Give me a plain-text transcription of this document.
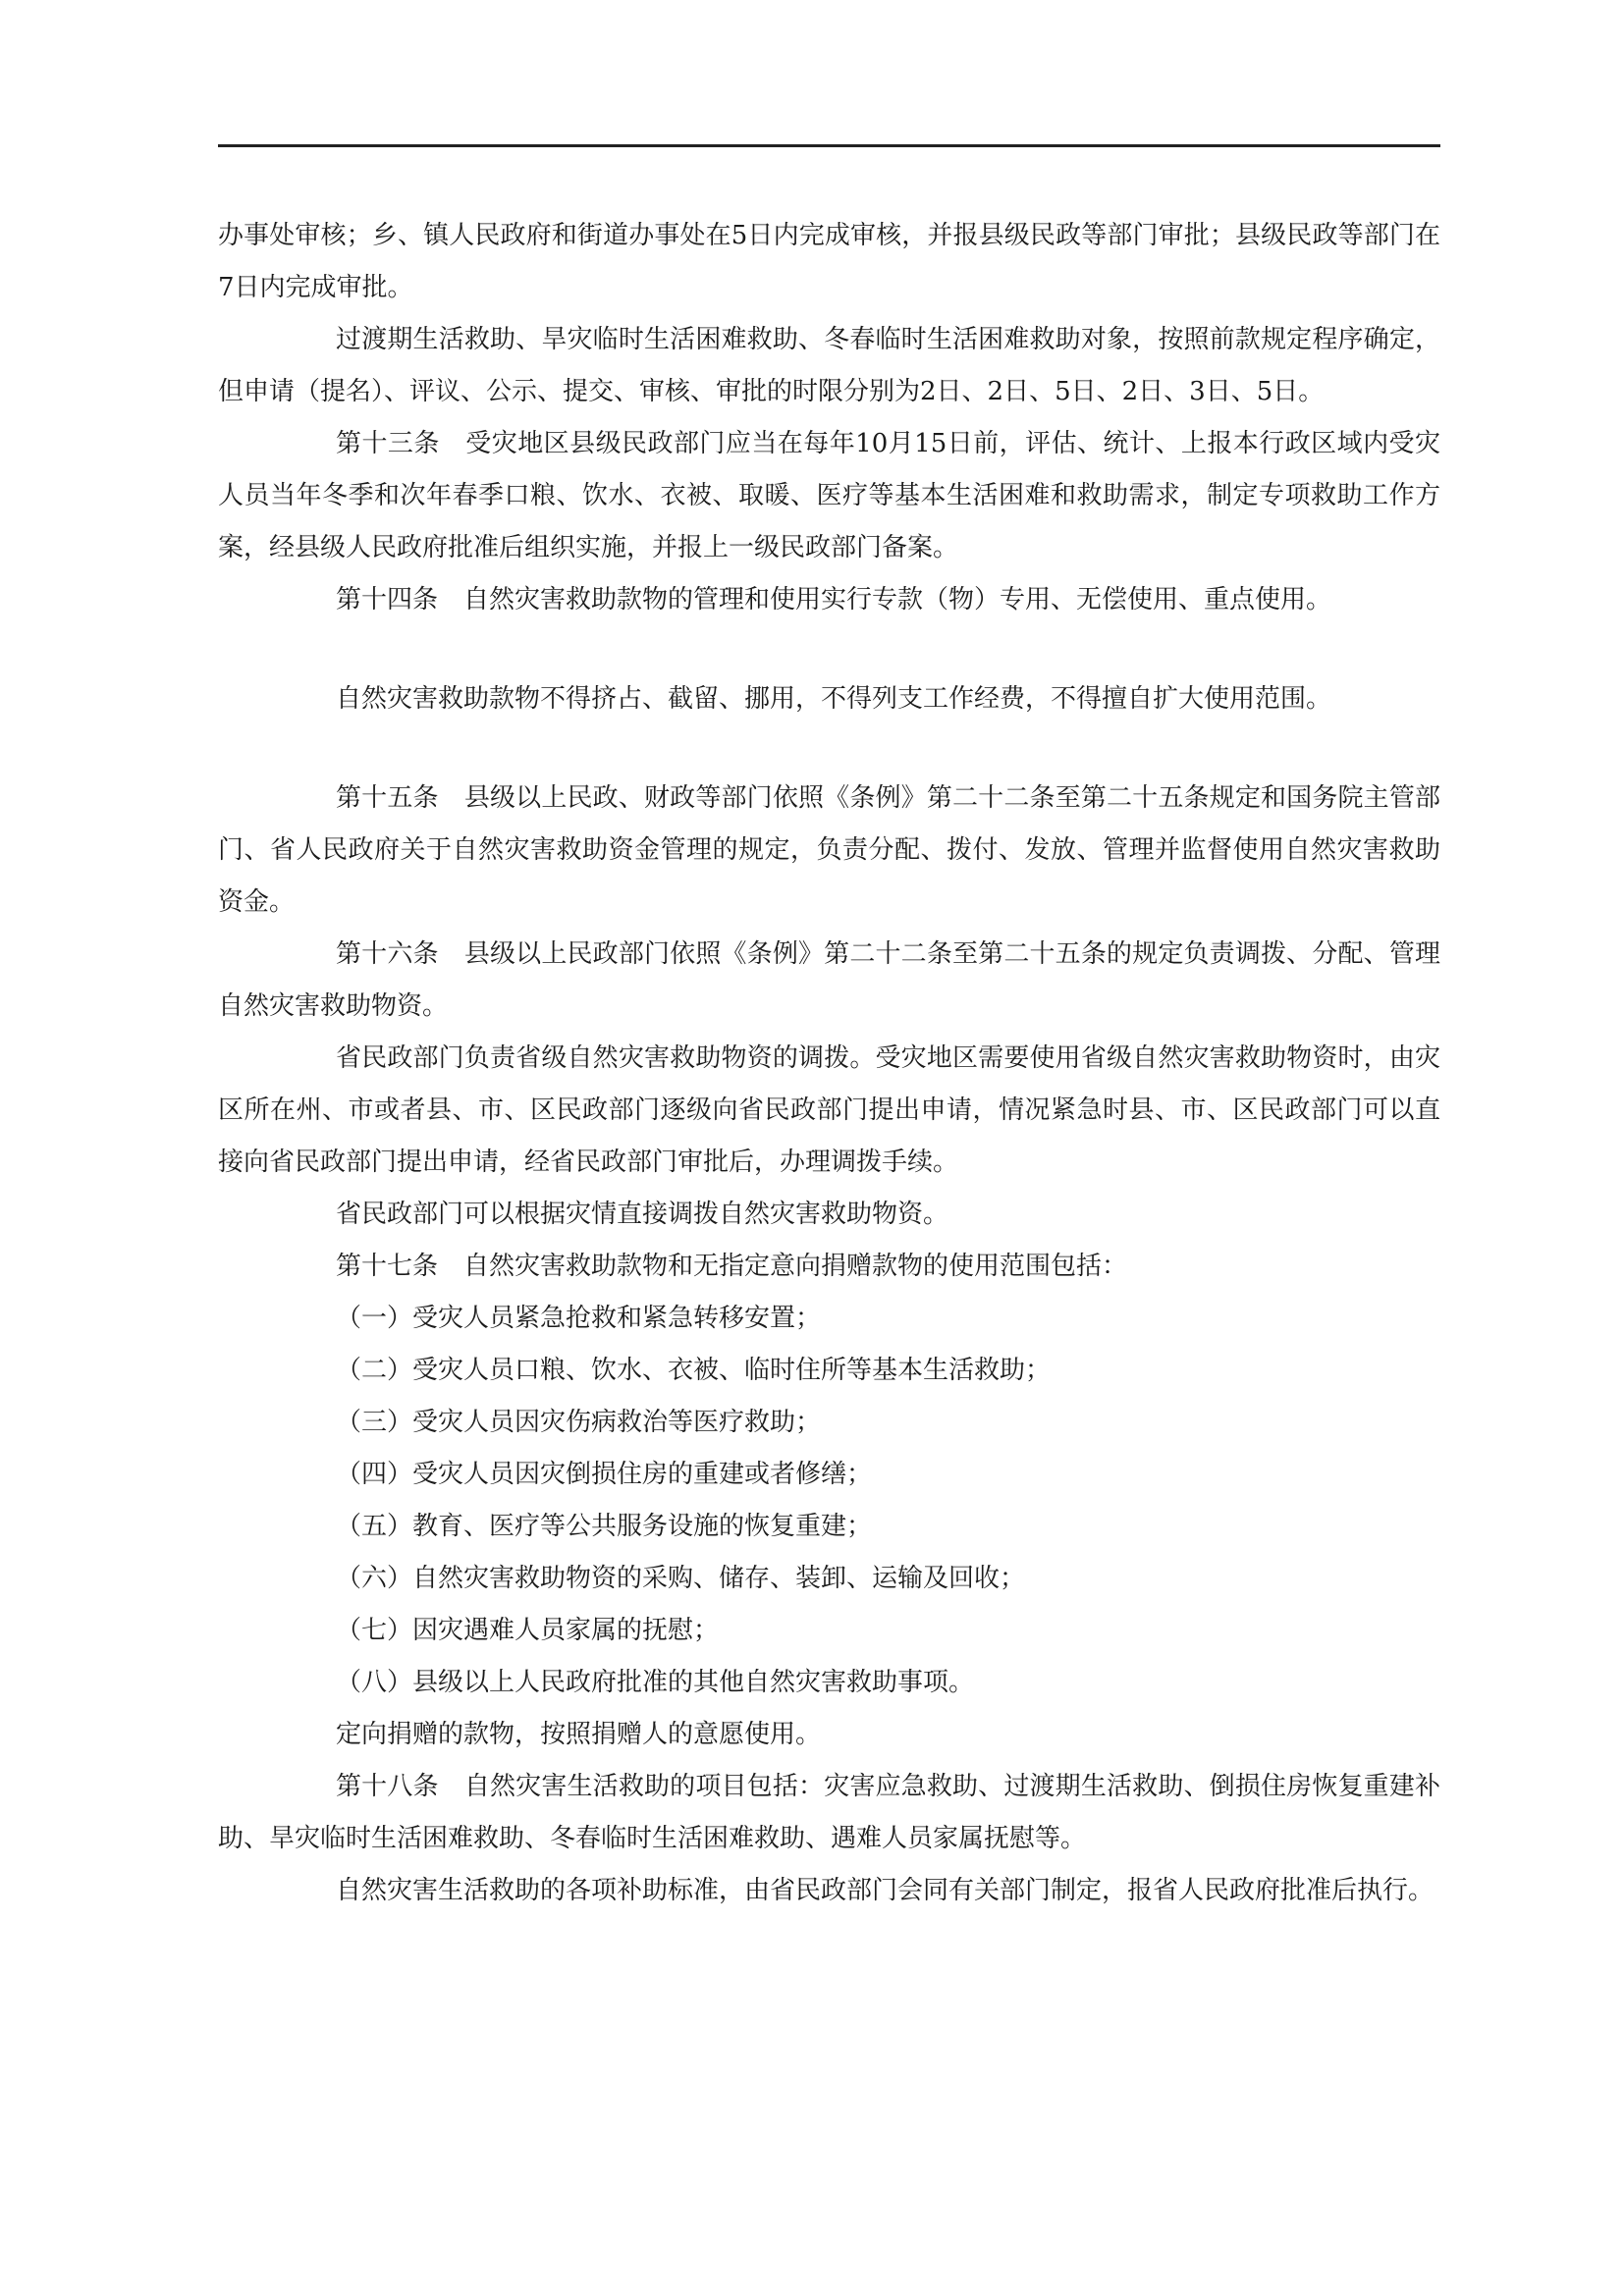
办事处审核；乡、镇人民政府和街道办事处在5日内完成审核，并报县级民政等部门审批；县级民政等部门在7日内完成审批。

过渡期生活救助、旱灾临时生活困难救助、冬春临时生活困难救助对象，按照前款规定程序确定，但申请（提名）、评议、公示、提交、审核、审批的时限分别为2日、2日、5日、2日、3日、5日。

第十三条　受灾地区县级民政部门应当在每年10月15日前，评估、统计、上报本行政区域内受灾人员当年冬季和次年春季口粮、饮水、衣被、取暖、医疗等基本生活困难和救助需求，制定专项救助工作方案，经县级人民政府批准后组织实施，并报上一级民政部门备案。

第十四条　自然灾害救助款物的管理和使用实行专款（物）专用、无偿使用、重点使用。

自然灾害救助款物不得挤占、截留、挪用，不得列支工作经费，不得擅自扩大使用范围。

第十五条　县级以上民政、财政等部门依照《条例》第二十二条至第二十五条规定和国务院主管部门、省人民政府关于自然灾害救助资金管理的规定，负责分配、拨付、发放、管理并监督使用自然灾害救助资金。

第十六条　县级以上民政部门依照《条例》第二十二条至第二十五条的规定负责调拨、分配、管理自然灾害救助物资。

省民政部门负责省级自然灾害救助物资的调拨。受灾地区需要使用省级自然灾害救助物资时，由灾区所在州、市或者县、市、区民政部门逐级向省民政部门提出申请，情况紧急时县、市、区民政部门可以直接向省民政部门提出申请，经省民政部门审批后，办理调拨手续。

省民政部门可以根据灾情直接调拨自然灾害救助物资。

第十七条　自然灾害救助款物和无指定意向捐赠款物的使用范围包括：

（一）受灾人员紧急抢救和紧急转移安置；

（二）受灾人员口粮、饮水、衣被、临时住所等基本生活救助；

（三）受灾人员因灾伤病救治等医疗救助；

（四）受灾人员因灾倒损住房的重建或者修缮；

（五）教育、医疗等公共服务设施的恢复重建；

（六）自然灾害救助物资的采购、储存、装卸、运输及回收；

（七）因灾遇难人员家属的抚慰；

（八）县级以上人民政府批准的其他自然灾害救助事项。

定向捐赠的款物，按照捐赠人的意愿使用。

第十八条　自然灾害生活救助的项目包括：灾害应急救助、过渡期生活救助、倒损住房恢复重建补助、旱灾临时生活困难救助、冬春临时生活困难救助、遇难人员家属抚慰等。

自然灾害生活救助的各项补助标准，由省民政部门会同有关部门制定，报省人民政府批准后执行。
